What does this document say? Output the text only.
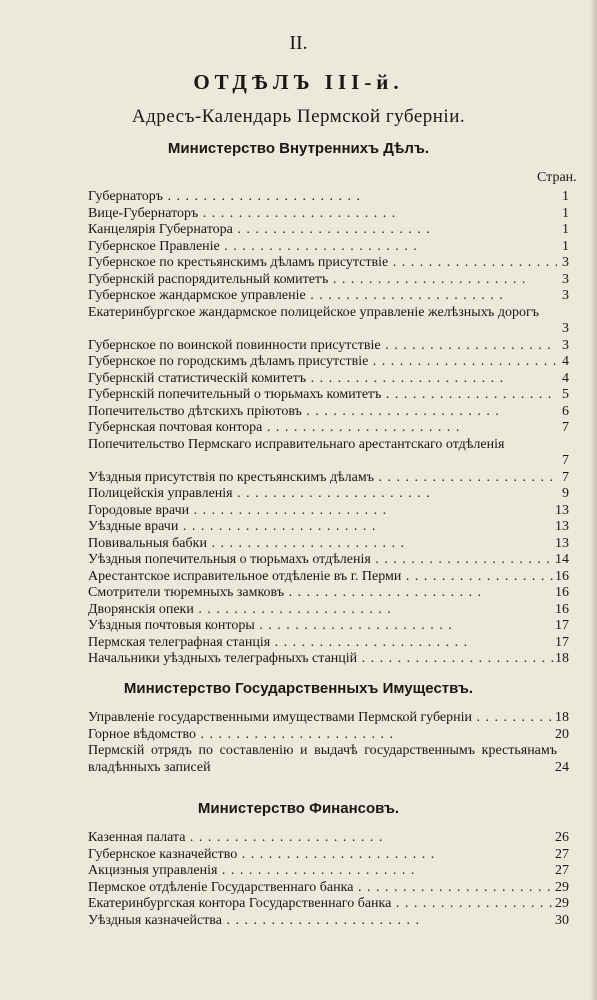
II.
ОТДѢЛЪ III-й.
Адресъ-Календарь Пермской губерніи.
Министерство Внутреннихъ Дѣлъ.
Стран.
Губернаторъ . .	1
Вице-Губернаторъ . .	1
Канцелярія Губернатора . .	1
Губернское Правленіе . .	1
Губернское по крестьянскимъ дѣламъ присутствіе . .	3
Губернскій распорядительный комитетъ . .	3
Губернское жандармское управленіе . .	3
Екатеринбургское жандармское полицейское управленіе желѣзныхъ дорогъ
3
Губернское по воинской повинности присутствіе . .	3
Губернское по городскимъ дѣламъ присутствіе . .	4
Губернскій статистическій комитетъ . .	4
Губернскій попечительный о тюрьмахъ комитетъ . .	5
Попечительство дѣтскихъ пріютовъ . .	6
Губернская почтовая контора . .	7
Попечительство Пермскаго исправительнаго арестантскаго отдѣленія
7
Уѣздныя присутствія по крестьянскимъ дѣламъ . .	7
Полицейскія управленія . .	9
Городовые врачи . .	13
Уѣздные врачи . .	13
Повивальныя бабки . .	13
Уѣздныя попечительныя о тюрьмахъ отдѣленія . .	14
Арестантское исправительное отдѣленіе въ г. Перми . .	16
Смотрители тюремныхъ замковъ . .	16
Дворянскія опеки . .	16
Уѣздныя почтовыя конторы . .	17
Пермская телеграфная станція . .	17
Начальники уѣздныхъ телеграфныхъ станцій . .	18
Министерство Государственныхъ Имуществъ.
Управленіе государственными имуществами Пермской губерніи . .	18
Горное вѣдомство . .	20
Пермскій отрядъ по составленію и выдачѣ государственнымъ крестьянамъ владѣнныхъ записей	24
Министерство Финансовъ.
Казенная палата . .	26
Губернское казначейство . .	27
Акцизныя управленія . .	27
Пермское отдѣленіе Государственнаго банка . .	29
Екатеринбургская контора Государственнаго банка . .	29
Уѣздныя казначейства . .	30
